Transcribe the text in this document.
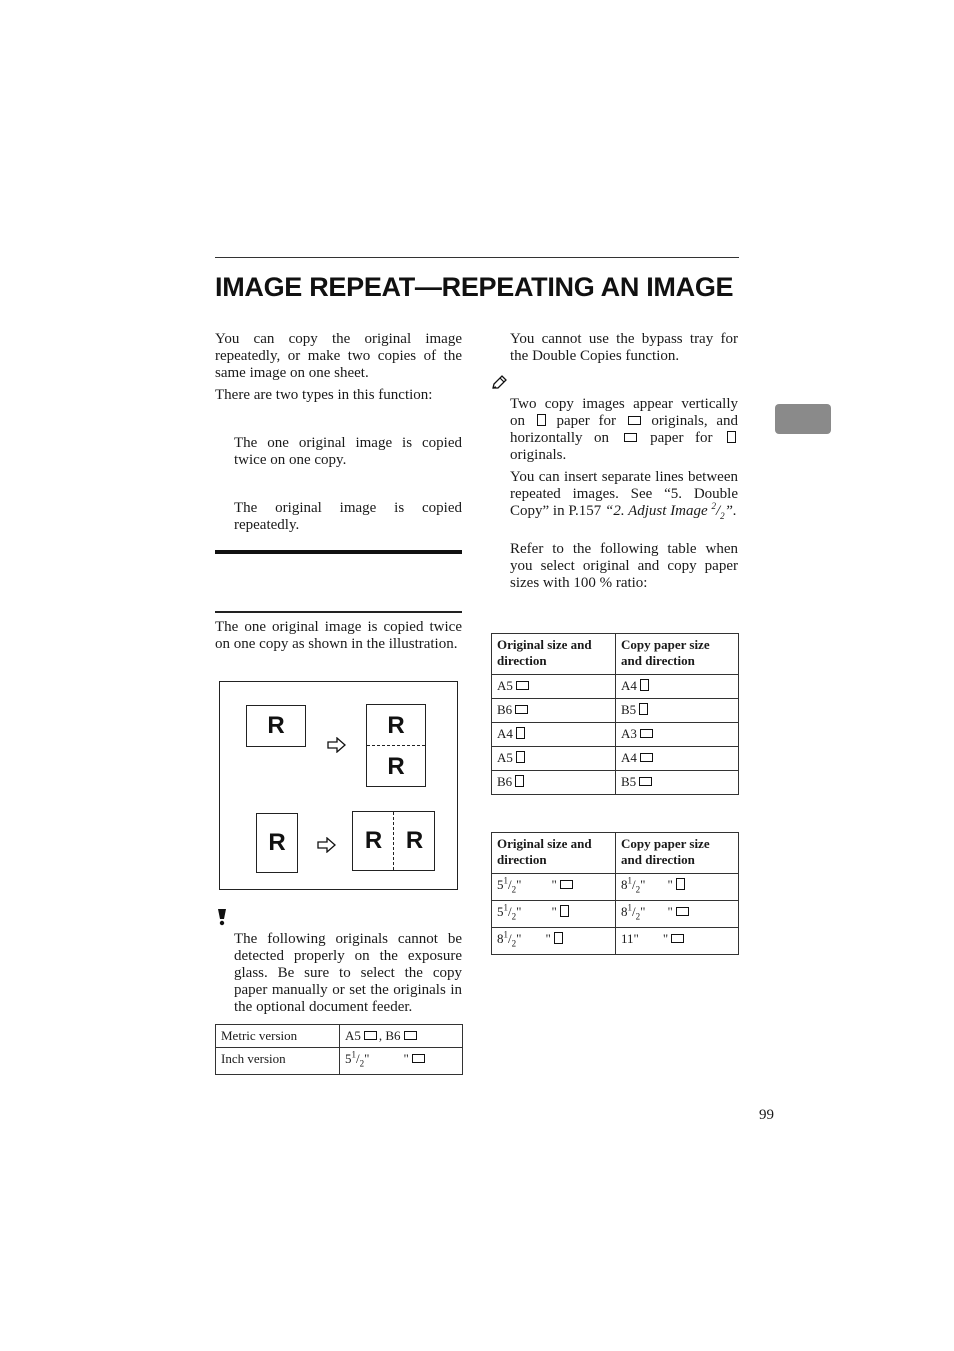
IMAGE REPEAT—REPEATING AN IMAGE
You can copy the original image repeatedly, or make two copies of the same image on one sheet.
There are two types in this function:
The one original image is copied twice on one copy.
The original image is copied repeatedly.
The one original image is copied twice on one copy as shown in the illustration.
R	R
R
R	R R
The following originals cannot be detected properly on the exposure glass. Be sure to select the copy paper manually or set the originals in the optional document feeder.
Metric version	A5 , B6
Inch version	$5^1/_2$" "
You cannot use the bypass tray for the Double Copies function.
Two copy images appear vertically on paper for originals, and horizontally on	paper for  originals.
You can insert separate lines between repeated images. See “5. Double Copy” in P.157 “2. Adjust Image $^2/_2$”.
Refer to the following table when you select original and copy paper sizes with 100 % ratio:
Original size and direction	Copy paper size and direction
A5	A4
B6	B5
A4	A3
A5	A4
B6	B5
Original size and direction	Copy paper size and direction
$5^1/_2$" "	$8^1/_2$" "
$5^1/_2$" "	$8^1/_2$" "
$8^1/_2$" "	11" "
99
